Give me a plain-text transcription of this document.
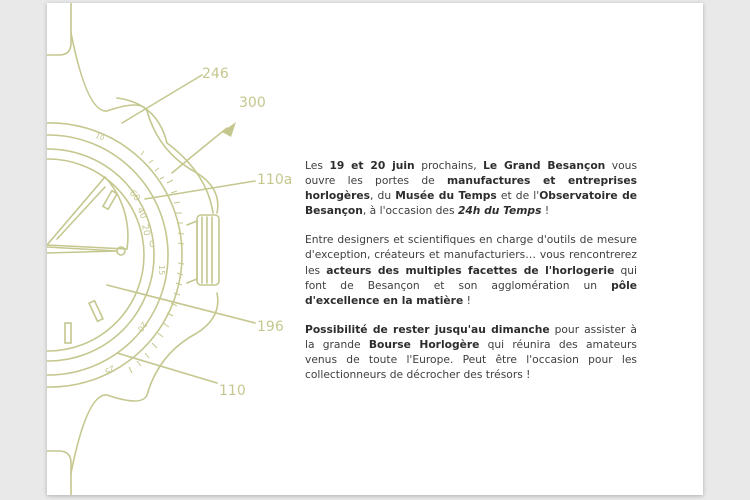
60
40
20
0
15
20
25
10
246
300
110a
196
110

Les 19 et 20 juin prochains, Le Grand Besançon vous ouvre les portes de manufactures et entreprises horlogères, du Musée du Temps et de l'Observatoire de Besançon, à l'occasion des 24h du Temps !

Entre designers et scientifiques en charge d'outils de mesure d'exception, créateurs et manufacturiers… vous rencontrerez les acteurs des multiples facettes de l'horlogerie qui font de Besançon et son agglomération un pôle d'excellence en la matière !

Possibilité de rester jusqu'au dimanche pour assister à la grande Bourse Horlogère qui réunira des amateurs venus de toute l'Europe. Peut être l'occasion pour les collectionneurs de décrocher des trésors !
